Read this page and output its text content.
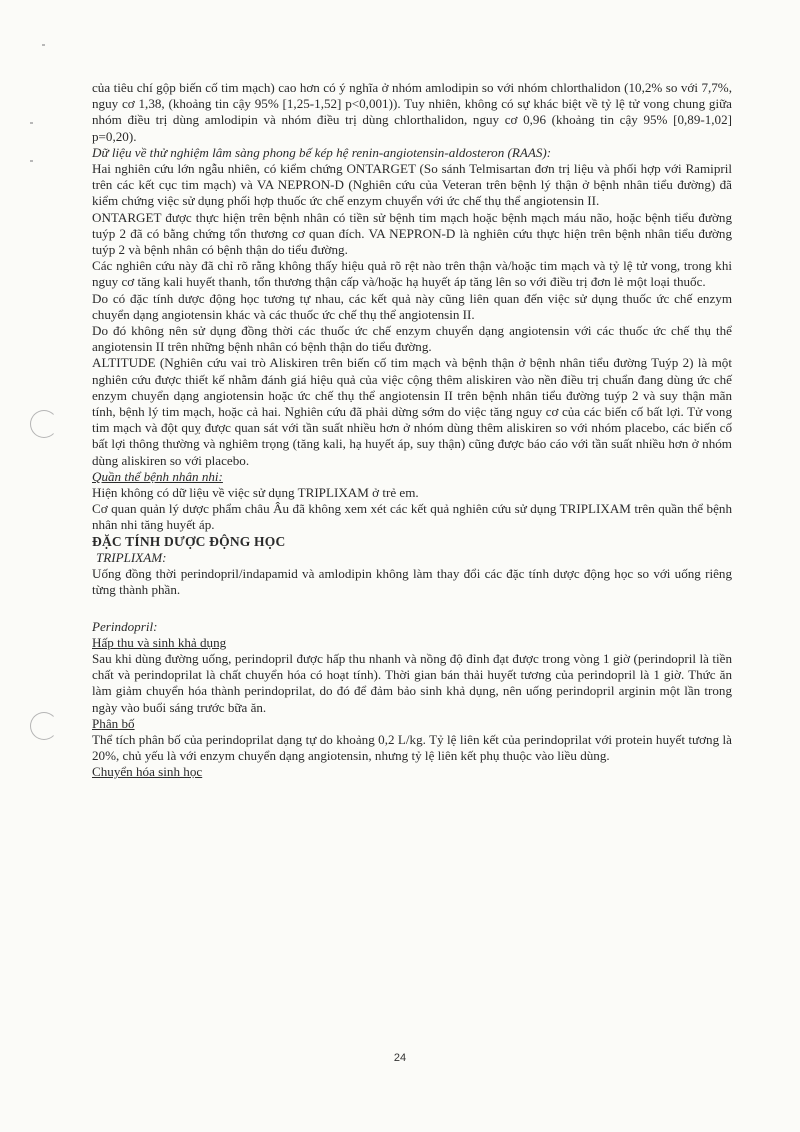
của tiêu chí gộp biến cố tim mạch) cao hơn có ý nghĩa ở nhóm amlodipin so với nhóm chlorthalidon (10,2% so với 7,7%, nguy cơ 1,38, (khoảng tin cậy 95% [1,25-1,52] p<0,001)). Tuy nhiên, không có sự khác biệt về tỷ lệ tử vong chung giữa nhóm điều trị dùng amlodipin và nhóm điều trị dùng chlorthalidon, nguy cơ 0,96 (khoảng tin cậy 95% [0,89-1,02] p=0,20).

Dữ liệu về thử nghiệm lâm sàng phong bế kép hệ renin-angiotensin-aldosteron (RAAS):

Hai nghiên cứu lớn ngẫu nhiên, có kiểm chứng ONTARGET (So sánh Telmisartan đơn trị liệu và phối hợp với Ramipril trên các kết cục tim mạch) và VA NEPRON-D (Nghiên cứu của Veteran trên bệnh lý thận ở bệnh nhân tiểu đường) đã kiểm chứng việc sử dụng phối hợp thuốc ức chế enzym chuyển với ức chế thụ thể angiotensin II.

ONTARGET được thực hiện trên bệnh nhân có tiền sử bệnh tim mạch hoặc bệnh mạch máu não, hoặc bệnh tiểu đường tuýp 2 đã có bằng chứng tổn thương cơ quan đích. VA NEPRON-D là nghiên cứu thực hiện trên bệnh nhân tiểu đường tuýp 2 và bệnh nhân có bệnh thận do tiểu đường.

Các nghiên cứu này đã chỉ rõ rằng không thấy hiệu quả rõ rệt nào trên thận và/hoặc tim mạch và tỷ lệ tử vong, trong khi nguy cơ tăng kali huyết thanh, tổn thương thận cấp và/hoặc hạ huyết áp tăng lên so với điều trị đơn lẻ một loại thuốc.

Do có đặc tính dược động học tương tự nhau, các kết quả này cũng liên quan đến việc sử dụng thuốc ức chế enzym chuyển dạng angiotensin khác và các thuốc ức chế thụ thể angiotensin II.

Do đó không nên sử dụng đồng thời các thuốc ức chế enzym chuyển dạng angiotensin với các thuốc ức chế thụ thể angiotensin II trên những bệnh nhân có bệnh thận do tiểu đường.

ALTITUDE (Nghiên cứu vai trò Aliskiren trên biến cố tim mạch và bệnh thận ở bệnh nhân tiểu đường Tuýp 2) là một nghiên cứu được thiết kế nhằm đánh giá hiệu quả của việc cộng thêm aliskiren vào nền điều trị chuẩn đang dùng ức chế enzym chuyển dạng angiotensin hoặc ức chế thụ thể angiotensin II trên bệnh nhân tiểu đường tuýp 2 và suy thận mãn tính, bệnh lý tim mạch, hoặc cả hai. Nghiên cứu đã phải dừng sớm do việc tăng nguy cơ của các biến cố bất lợi. Tử vong tim mạch và đột quỵ được quan sát với tần suất nhiều hơn ở nhóm dùng thêm aliskiren so với nhóm placebo, các biến cố bất lợi thông thường và nghiêm trọng (tăng kali, hạ huyết áp, suy thận) cũng được báo cáo với tần suất nhiều hơn ở nhóm dùng aliskiren so với placebo.

Quần thể bệnh nhân nhi:

Hiện không có dữ liệu về việc sử dụng TRIPLIXAM ở trẻ em.

Cơ quan quản lý dược phẩm châu Âu đã không xem xét các kết quả nghiên cứu sử dụng TRIPLIXAM trên quần thể bệnh nhân nhi tăng huyết áp.

ĐẶC TÍNH DƯỢC ĐỘNG HỌC

TRIPLIXAM:

Uống đồng thời perindopril/indapamid và amlodipin không làm thay đổi các đặc tính dược động học so với uống riêng từng thành phần.

Perindopril:

Hấp thu và sinh khả dụng

Sau khi dùng đường uống, perindopril được hấp thu nhanh và nồng độ đỉnh đạt được trong vòng 1 giờ (perindopril là tiền chất và perindoprilat là chất chuyển hóa có hoạt tính). Thời gian bán thải huyết tương của perindopril là 1 giờ. Thức ăn làm giảm chuyển hóa thành perindoprilat, do đó để đảm bảo sinh khả dụng, nên uống perindopril arginin một lần trong ngày vào buổi sáng trước bữa ăn.

Phân bố

Thể tích phân bố của perindoprilat dạng tự do khoảng 0,2 L/kg. Tỷ lệ liên kết của perindoprilat với protein huyết tương là 20%, chủ yếu là với enzym chuyển dạng angiotensin, nhưng tỷ lệ liên kết phụ thuộc vào liều dùng.

Chuyển hóa sinh học

24
